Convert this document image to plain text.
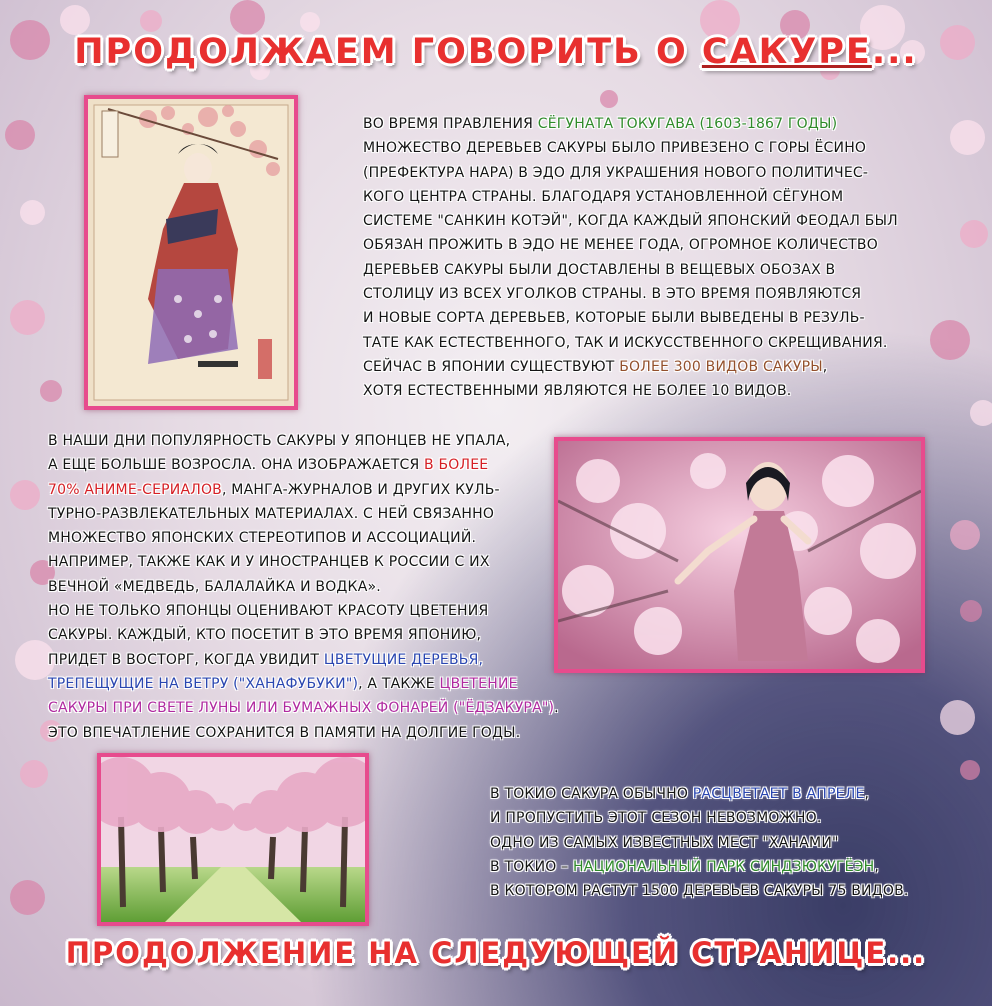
ПРОДОЛЖАЕМ ГОВОРИТЬ О САКУРЕ...
ВО ВРЕМЯ ПРАВЛЕНИЯ СЁГУНАТА ТОКУГАВА (1603-1867 ГОДЫ)
МНОЖЕСТВО ДЕРЕВЬЕВ САКУРЫ БЫЛО ПРИВЕЗЕНО С ГОРЫ ЁСИНО
(ПРЕФЕКТУРА НАРА) В ЭДО ДЛЯ УКРАШЕНИЯ НОВОГО ПОЛИТИЧЕС-
КОГО ЦЕНТРА СТРАНЫ. БЛАГОДАРЯ УСТАНОВЛЕННОЙ СЁГУНОМ
СИСТЕМЕ "САНКИН КОТЭЙ", КОГДА КАЖДЫЙ ЯПОНСКИЙ ФЕОДАЛ БЫЛ
ОБЯЗАН ПРОЖИТЬ В ЭДО НЕ МЕНЕЕ ГОДА, ОГРОМНОЕ КОЛИЧЕСТВО
ДЕРЕВЬЕВ САКУРЫ БЫЛИ ДОСТАВЛЕНЫ В ВЕЩЕВЫХ ОБОЗАХ В
СТОЛИЦУ ИЗ ВСЕХ УГОЛКОВ СТРАНЫ. В ЭТО ВРЕМЯ ПОЯВЛЯЮТСЯ
И НОВЫЕ СОРТА ДЕРЕВЬЕВ, КОТОРЫЕ БЫЛИ ВЫВЕДЕНЫ В РЕЗУЛЬ-
ТАТЕ КАК ЕСТЕСТВЕННОГО, ТАК И ИСКУССТВЕННОГО СКРЕЩИВАНИЯ.
СЕЙЧАС В ЯПОНИИ СУЩЕСТВУЮТ БОЛЕЕ 300 ВИДОВ САКУРЫ,
ХОТЯ ЕСТЕСТВЕННЫМИ ЯВЛЯЮТСЯ НЕ БОЛЕЕ 10 ВИДОВ.
В НАШИ ДНИ ПОПУЛЯРНОСТЬ САКУРЫ У ЯПОНЦЕВ НЕ УПАЛА,
А ЕЩЕ БОЛЬШЕ ВОЗРОСЛА. ОНА ИЗОБРАЖАЕТСЯ В БОЛЕЕ
70% АНИМЕ-СЕРИАЛОВ, МАНГА-ЖУРНАЛОВ И ДРУГИХ КУЛЬ-
ТУРНО-РАЗВЛЕКАТЕЛЬНЫХ МАТЕРИАЛАХ. С НЕЙ СВЯЗАННО
МНОЖЕСТВО ЯПОНСКИХ СТЕРЕОТИПОВ И АССОЦИАЦИЙ.
НАПРИМЕР, ТАКЖЕ КАК И У ИНОСТРАНЦЕВ К РОССИИ С ИХ
ВЕЧНОЙ «МЕДВЕДЬ, БАЛАЛАЙКА И ВОДКА».
НО НЕ ТОЛЬКО ЯПОНЦЫ ОЦЕНИВАЮТ КРАСОТУ ЦВЕТЕНИЯ
САКУРЫ. КАЖДЫЙ, КТО ПОСЕТИТ В ЭТО ВРЕМЯ ЯПОНИЮ,
ПРИДЕТ В ВОСТОРГ, КОГДА УВИДИТ ЦВЕТУЩИЕ ДЕРЕВЬЯ,
ТРЕПЕЩУЩИЕ НА ВЕТРУ ("ХАНАФУБУКИ"), А ТАКЖЕ ЦВЕТЕНИЕ
САКУРЫ ПРИ СВЕТЕ ЛУНЫ ИЛИ БУМАЖНЫХ ФОНАРЕЙ ("ЁДЗАКУРА").
ЭТО ВПЕЧАТЛЕНИЕ СОХРАНИТСЯ В ПАМЯТИ НА ДОЛГИЕ ГОДЫ.
В ТОКИО САКУРА ОБЫЧНО РАСЦВЕТАЕТ В АПРЕЛЕ,
И ПРОПУСТИТЬ ЭТОТ СЕЗОН НЕВОЗМОЖНО.
ОДНО ИЗ САМЫХ ИЗВЕСТНЫХ МЕСТ "ХАНАМИ"
В ТОКИО – НАЦИОНАЛЬНЫЙ ПАРК СИНДЗЮКУГЁЭН,
В КОТОРОМ РАСТУТ 1500 ДЕРЕВЬЕВ САКУРЫ 75 ВИДОВ.
ПРОДОЛЖЕНИЕ НА СЛЕДУЮЩЕЙ СТРАНИЦЕ...
